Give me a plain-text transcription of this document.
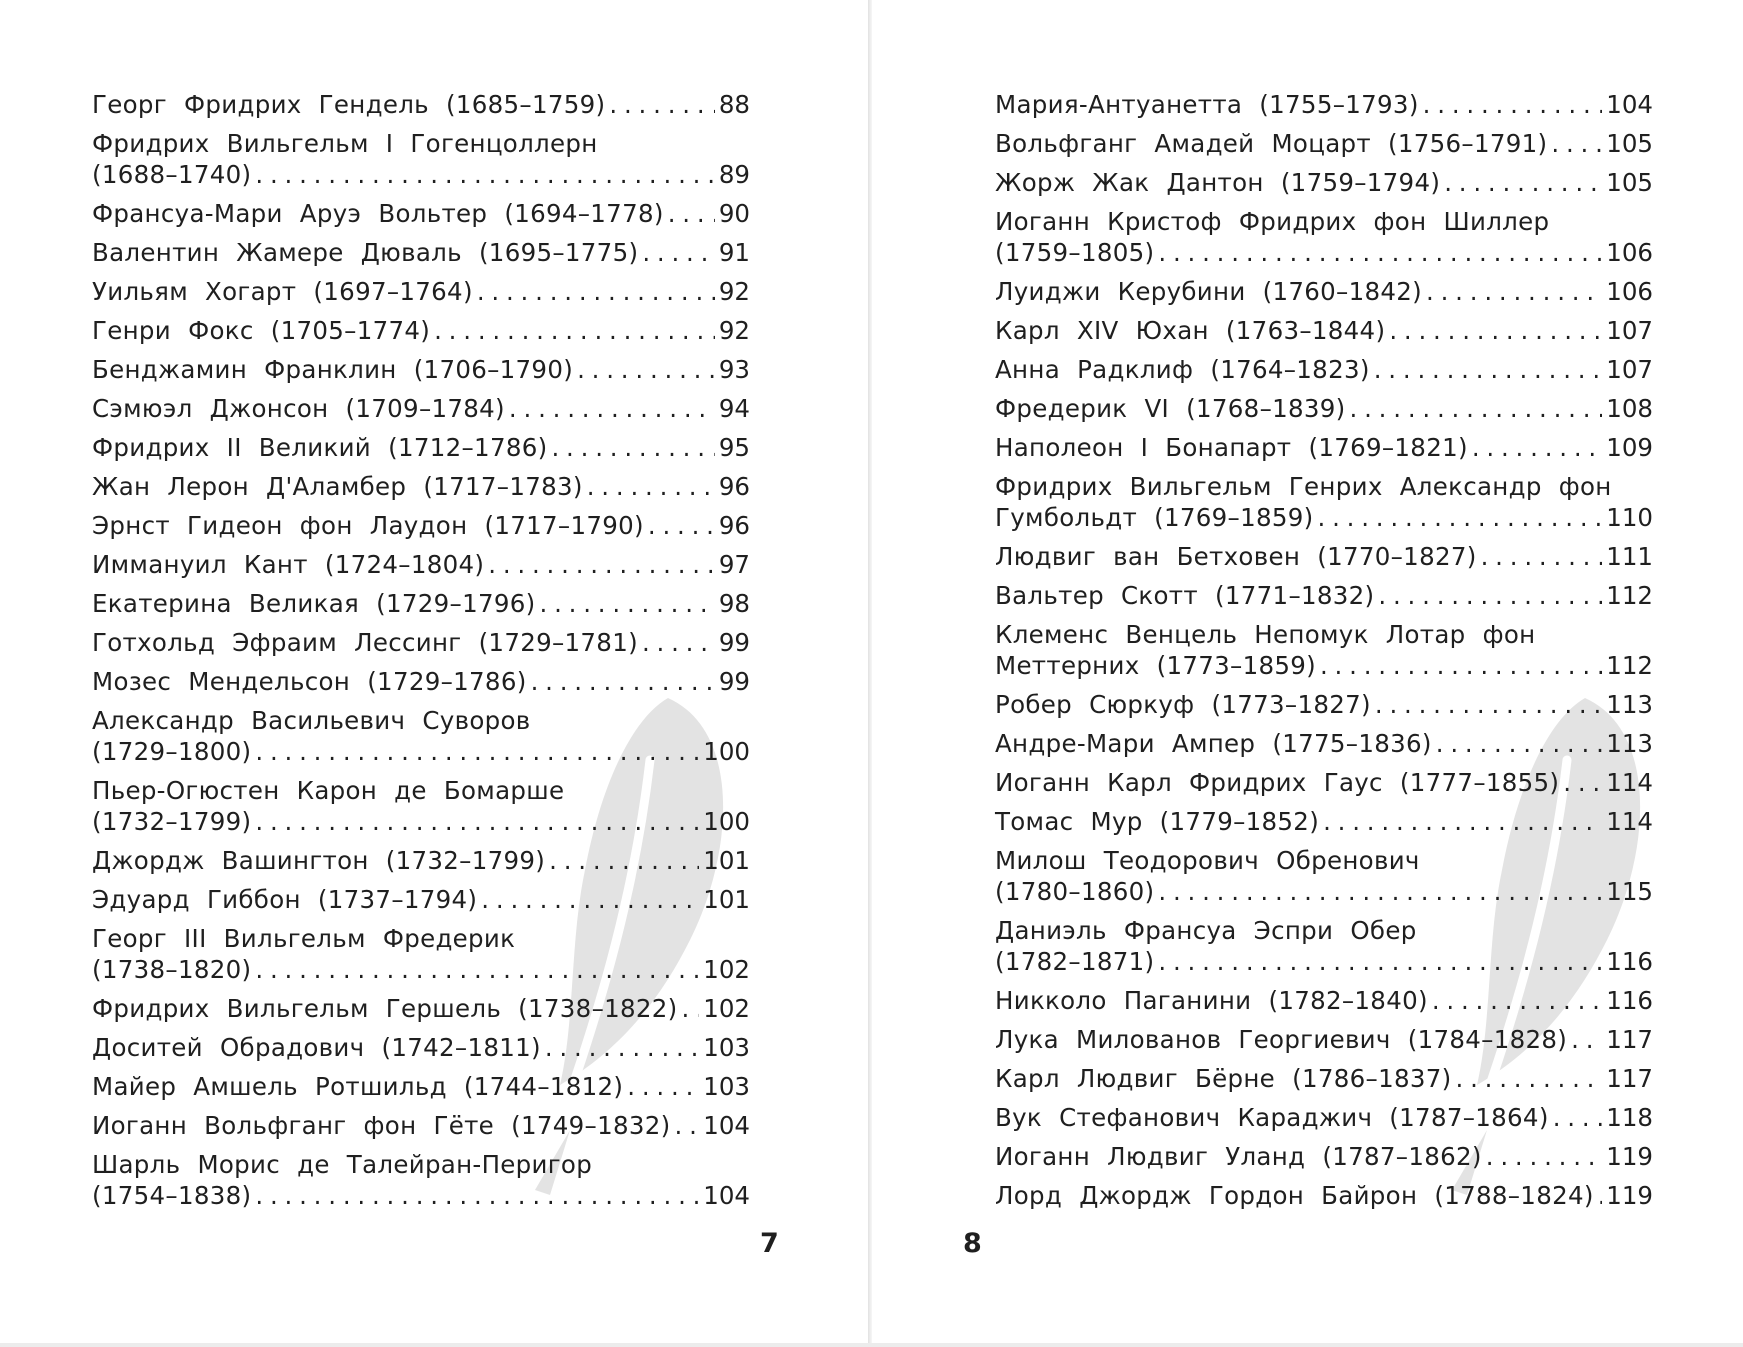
Георг Фридрих Гендель (1685–1759) . . .	88
Фридрих Вильгельм I Гогенцоллерн
(1688–1740) . . .	89
Франсуа-Мари Аруэ Вольтер (1694–1778) . . . 90
Валентин Жамере Дюваль (1695–1775) . . .	91
Уильям Хогарт (1697–1764) . . .	92
Генри Фокс (1705–1774) . . .	92
Бенджамин Франклин (1706–1790) . . .	93
Сэмюэл Джонсон (1709–1784) . . .	94
Фридрих II Великий (1712–1786) . . .	95
Жан Лерон Д'Аламбер (1717–1783) . . .	96
Эрнст Гидеон фон Лаудон (1717–1790) . . .	96
Иммануил Кант (1724–1804) . . .	97
Екатерина Великая (1729–1796) . . .	98
Готхольд Эфраим Лессинг (1729–1781) . . .	99
Мозес Мендельсон (1729–1786) . . .	99
Александр Васильевич Суворов
(1729–1800) . . .	100
Пьер-Огюстен Карон де Бомарше
(1732–1799) . . .	100
Джордж Вашингтон (1732–1799) . . .	101
Эдуард Гиббон (1737–1794) . . .	101
Георг III Вильгельм Фредерик
(1738–1820) . . .	102
Фридрих Вильгельм Гершель (1738–1822) . . . 102
Доситей Обрадович (1742–1811) . . .	103
Майер Амшель Ротшильд (1744–1812) . . .	103
Иоганн Вольфганг фон Гёте (1749–1832) . . . 104
Шарль Морис де Талейран-Перигор
(1754–1838) . . .	104
7
Мария-Антуанетта (1755–1793) . . .	104
Вольфганг Амадей Моцарт (1756–1791) . . . 105
Жорж Жак Дантон (1759–1794) . . .	105
Иоганн Кристоф Фридрих фон Шиллер
(1759–1805) . . .	106
Луиджи Керубини (1760–1842) . . .	106
Карл XIV Юхан (1763–1844) . . .	107
Анна Радклиф (1764–1823) . . .	107
Фредерик VI (1768–1839) . . .	108
Наполеон I Бонапарт (1769–1821) . . .	109
Фридрих Вильгельм Генрих Александр фон
Гумбольдт (1769–1859) . . .	110
Людвиг ван Бетховен (1770–1827) . . .	111
Вальтер Скотт (1771–1832) . . .	112
Клеменс Венцель Непомук Лотар фон
Меттерних (1773–1859) . . .	112
Робер Сюркуф (1773–1827) . . .	113
Андре-Мари Ампер (1775–1836) . . .	113
Иоганн Карл Фридрих Гаус (1777–1855) . . . 114
Томас Мур (1779–1852) . . .	114
Милош Теодорович Обренович
(1780–1860) . . .	115
Даниэль Франсуа Эспри Обер
(1782–1871) . . .	116
Никколо Паганини (1782–1840) . . .	116
Лука Милованов Георгиевич (1784–1828) . . . 117
Карл Людвиг Бёрне (1786–1837) . . .	117
Вук Стефанович Караджич (1787–1864) . . . 118
Иоганн Людвиг Уланд (1787–1862) . . .	119
Лорд Джордж Гордон Байрон (1788–1824) . . . 119
8
